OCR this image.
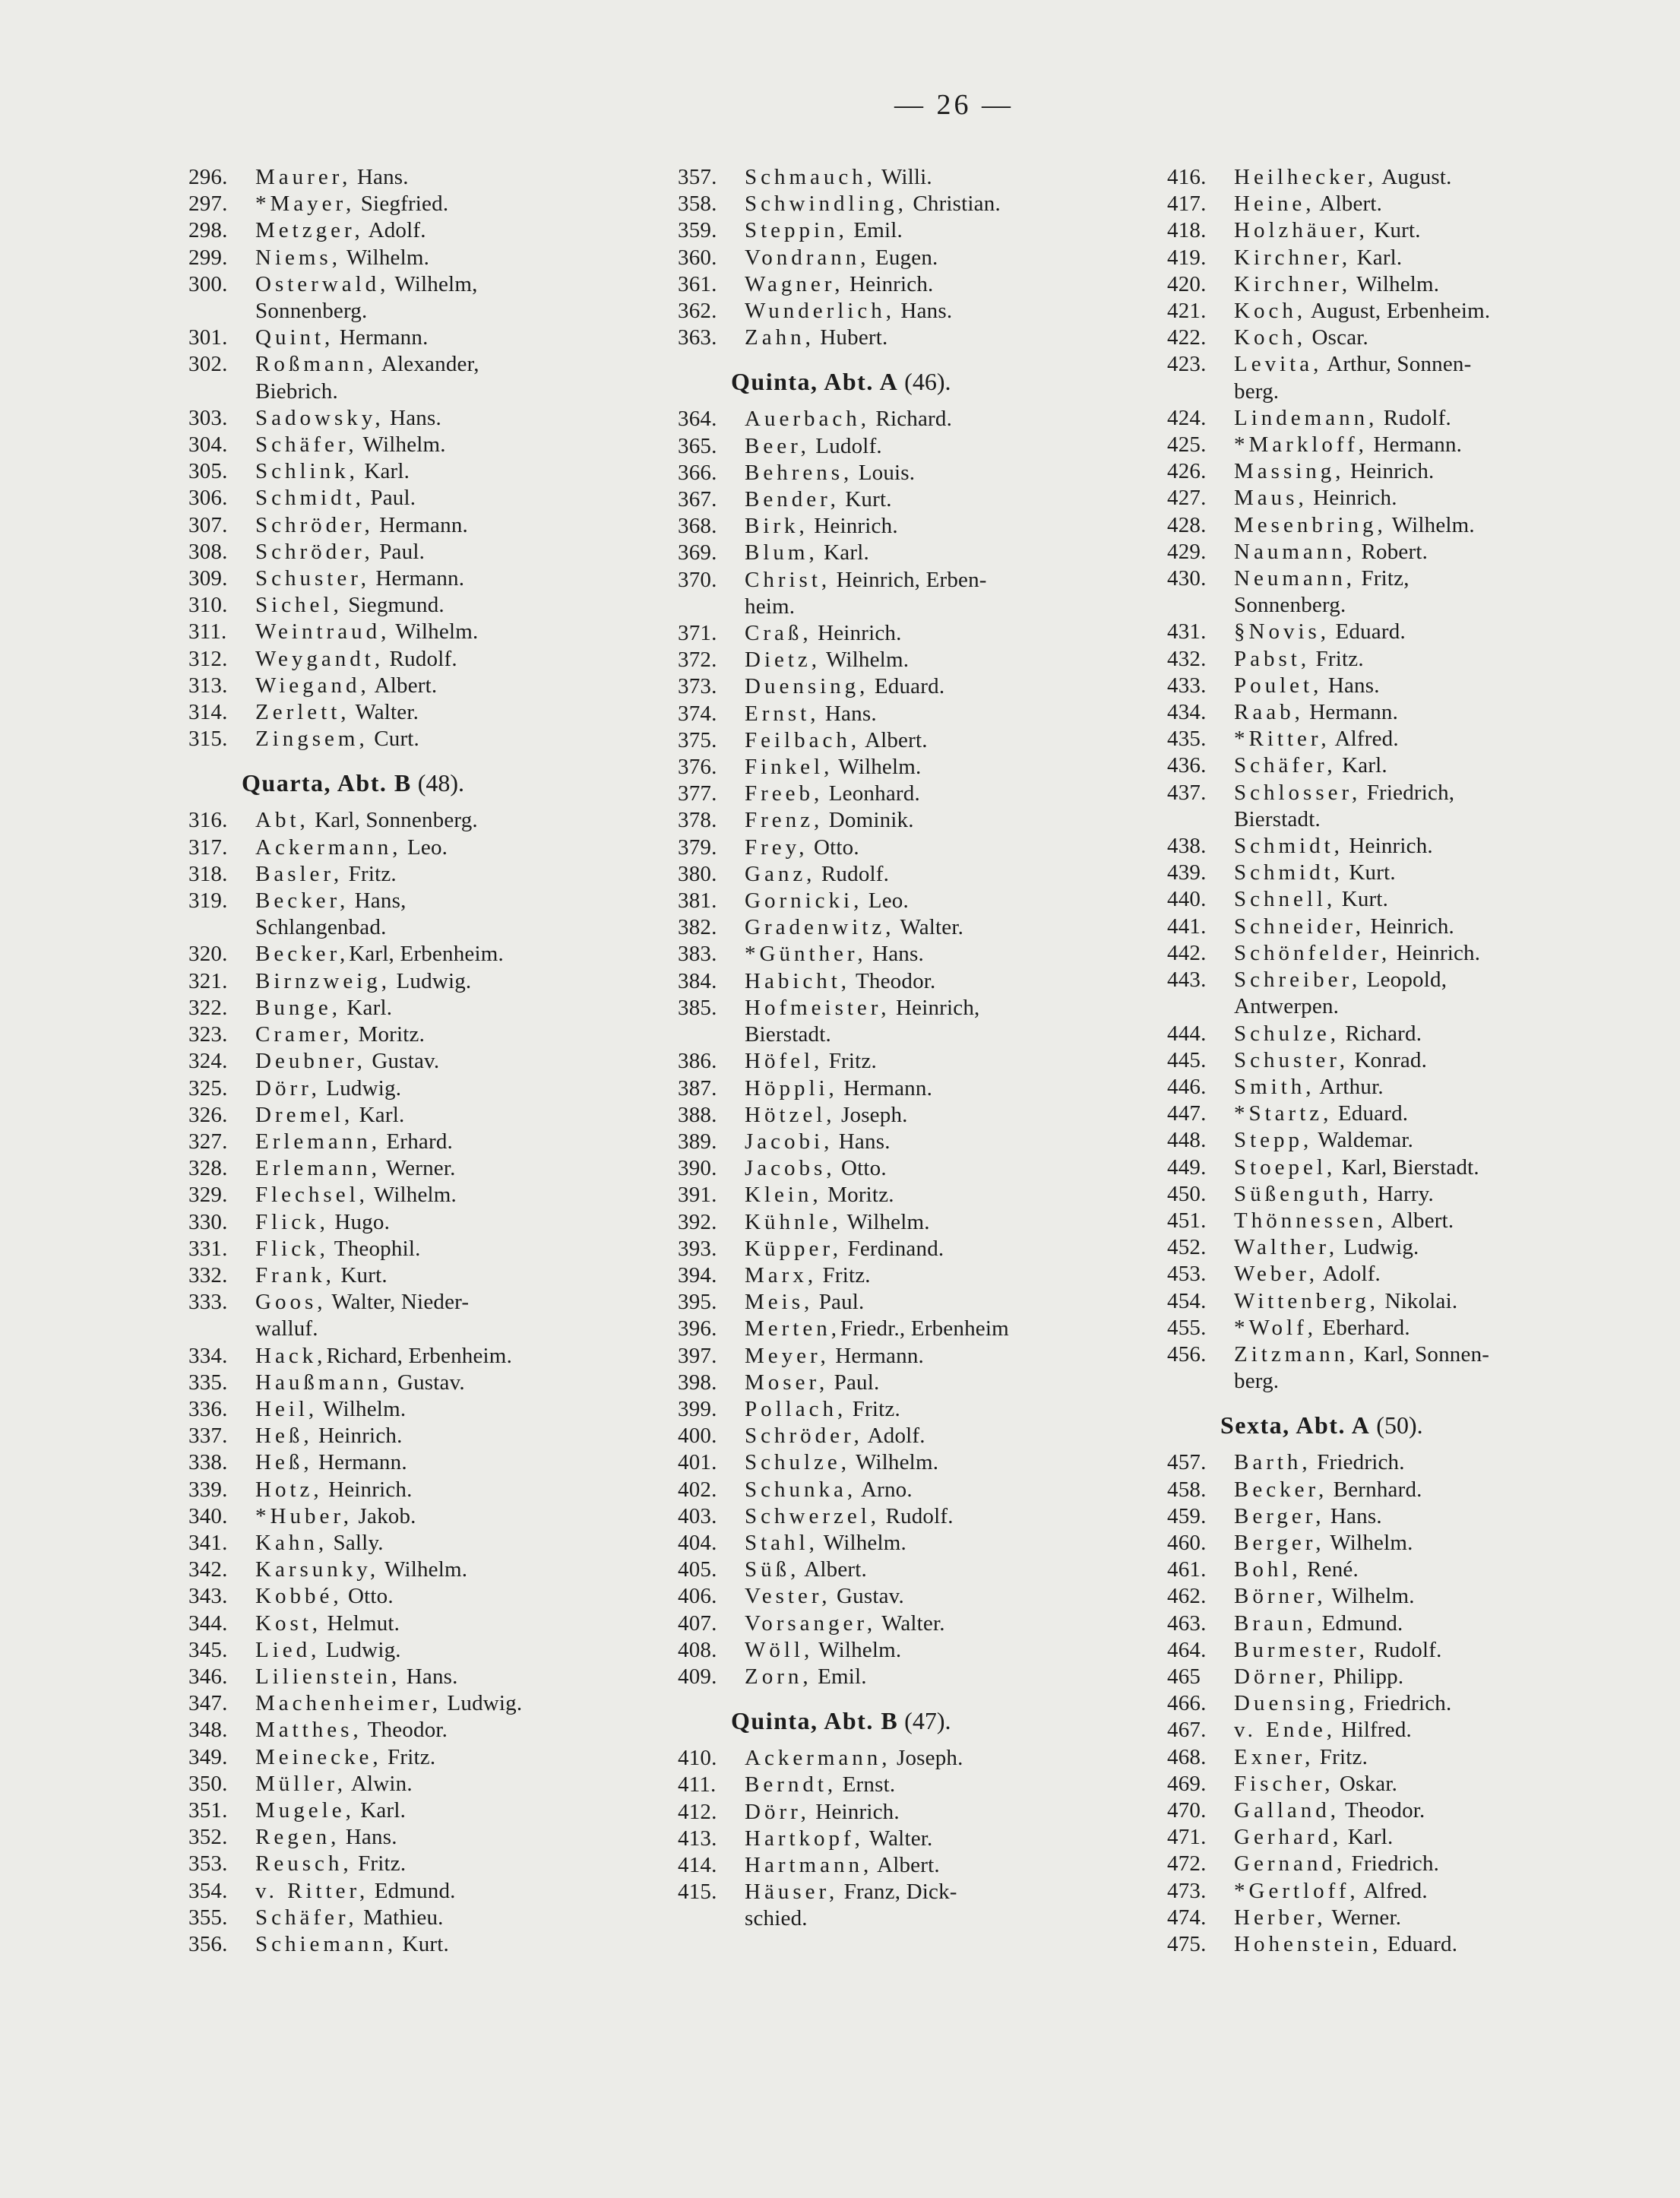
— 26 —
296.	Maurer, Hans.
297.	*Mayer, Siegfried.
298.	Metzger, Adolf.
299.	Niems, Wilhelm.
300.	Osterwald, Wilhelm,
Sonnenberg.
301.	Quint, Hermann.
302.	Roßmann, Alexander,
Biebrich.
303.	Sadowsky, Hans.
304.	Schäfer, Wilhelm.
305.	Schlink, Karl.
306.	Schmidt, Paul.
307.	Schröder, Hermann.
308.	Schröder, Paul.
309.	Schuster, Hermann.
310.	Sichel, Siegmund.
311.	Weintraud, Wilhelm.
312.	Weygandt, Rudolf.
313.	Wiegand, Albert.
314.	Zerlett, Walter.
315.	Zingsem, Curt.
Quarta, Abt. B (48).
316.	Abt, Karl, Sonnenberg.
317.	Ackermann, Leo.
318.	Basler, Fritz.
319.	Becker, Hans,
Schlangenbad.
320.	Becker,Karl, Erbenheim.
321.	Birnzweig, Ludwig.
322.	Bunge, Karl.
323.	Cramer, Moritz.
324.	Deubner, Gustav.
325.	Dörr, Ludwig.
326.	Dremel, Karl.
327.	Erlemann, Erhard.
328.	Erlemann, Werner.
329.	Flechsel, Wilhelm.
330.	Flick, Hugo.
331.	Flick, Theophil.
332.	Frank, Kurt.
333.	Goos, Walter, Nieder-
walluf.
334.	Hack,Richard, Erbenheim.
335.	Haußmann, Gustav.
336.	Heil, Wilhelm.
337.	Heß, Heinrich.
338.	Heß, Hermann.
339.	Hotz, Heinrich.
340.	*Huber, Jakob.
341.	Kahn, Sally.
342.	Karsunky, Wilhelm.
343.	Kobbé, Otto.
344.	Kost, Helmut.
345.	Lied, Ludwig.
346.	Lilienstein, Hans.
347.	Machenheimer, Ludwig.
348.	Matthes, Theodor.
349.	Meinecke, Fritz.
350.	Müller, Alwin.
351.	Mugele, Karl.
352.	Regen, Hans.
353.	Reusch, Fritz.
354.	v. Ritter, Edmund.
355.	Schäfer, Mathieu.
356.	Schiemann, Kurt.
357.	Schmauch, Willi.
358.	Schwindling, Christian.
359.	Steppin, Emil.
360.	Vondrann, Eugen.
361.	Wagner, Heinrich.
362.	Wunderlich, Hans.
363.	Zahn, Hubert.
Quinta, Abt. A (46).
364.	Auerbach, Richard.
365.	Beer, Ludolf.
366.	Behrens, Louis.
367.	Bender, Kurt.
368.	Birk, Heinrich.
369.	Blum, Karl.
370.	Christ, Heinrich, Erben-
heim.
371.	Craß, Heinrich.
372.	Dietz, Wilhelm.
373.	Duensing, Eduard.
374.	Ernst, Hans.
375.	Feilbach, Albert.
376.	Finkel, Wilhelm.
377.	Freeb, Leonhard.
378.	Frenz, Dominik.
379.	Frey, Otto.
380.	Ganz, Rudolf.
381.	Gornicki, Leo.
382.	Gradenwitz, Walter.
383.	*Günther, Hans.
384.	Habicht, Theodor.
385.	Hofmeister, Heinrich,
Bierstadt.
386.	Höfel, Fritz.
387.	Höppli, Hermann.
388.	Hötzel, Joseph.
389.	Jacobi, Hans.
390.	Jacobs, Otto.
391.	Klein, Moritz.
392.	Kühnle, Wilhelm.
393.	Küpper, Ferdinand.
394.	Marx, Fritz.
395.	Meis, Paul.
396.	Merten,Friedr., Erbenheim
397.	Meyer, Hermann.
398.	Moser, Paul.
399.	Pollach, Fritz.
400.	Schröder, Adolf.
401.	Schulze, Wilhelm.
402.	Schunka, Arno.
403.	Schwerzel, Rudolf.
404.	Stahl, Wilhelm.
405.	Süß, Albert.
406.	Vester, Gustav.
407.	Vorsanger, Walter.
408.	Wöll, Wilhelm.
409.	Zorn, Emil.
Quinta, Abt. B (47).
410.	Ackermann, Joseph.
411.	Berndt, Ernst.
412.	Dörr, Heinrich.
413.	Hartkopf, Walter.
414.	Hartmann, Albert.
415.	Häuser, Franz, Dick-
schied.
416.	Heilhecker, August.
417.	Heine, Albert.
418.	Holzhäuer, Kurt.
419.	Kirchner, Karl.
420.	Kirchner, Wilhelm.
421.	Koch, August, Erbenheim.
422.	Koch, Oscar.
423.	Levita, Arthur, Sonnen-
berg.
424.	Lindemann, Rudolf.
425.	*Markloff, Hermann.
426.	Massing, Heinrich.
427.	Maus, Heinrich.
428.	Mesenbring, Wilhelm.
429.	Naumann, Robert.
430.	Neumann, Fritz,
Sonnenberg.
431.	§Novis, Eduard.
432.	Pabst, Fritz.
433.	Poulet, Hans.
434.	Raab, Hermann.
435.	*Ritter, Alfred.
436.	Schäfer, Karl.
437.	Schlosser, Friedrich,
Bierstadt.
438.	Schmidt, Heinrich.
439.	Schmidt, Kurt.
440.	Schnell, Kurt.
441.	Schneider, Heinrich.
442.	Schönfelder, Heinrich.
443.	Schreiber, Leopold,
Antwerpen.
444.	Schulze, Richard.
445.	Schuster, Konrad.
446.	Smith, Arthur.
447.	*Startz, Eduard.
448.	Stepp, Waldemar.
449.	Stoepel, Karl, Bierstadt.
450.	Süßenguth, Harry.
451.	Thönnessen, Albert.
452.	Walther, Ludwig.
453.	Weber, Adolf.
454.	Wittenberg, Nikolai.
455.	*Wolf, Eberhard.
456.	Zitzmann, Karl, Sonnen-
berg.
Sexta, Abt. A (50).
457.	Barth, Friedrich.
458.	Becker, Bernhard.
459.	Berger, Hans.
460.	Berger, Wilhelm.
461.	Bohl, René.
462.	Börner, Wilhelm.
463.	Braun, Edmund.
464.	Burmester, Rudolf.
465	Dörner, Philipp.
466.	Duensing, Friedrich.
467.	v. Ende, Hilfred.
468.	Exner, Fritz.
469.	Fischer, Oskar.
470.	Galland, Theodor.
471.	Gerhard, Karl.
472.	Gernand, Friedrich.
473.	*Gertloff, Alfred.
474.	Herber, Werner.
475.	Hohenstein, Eduard.
